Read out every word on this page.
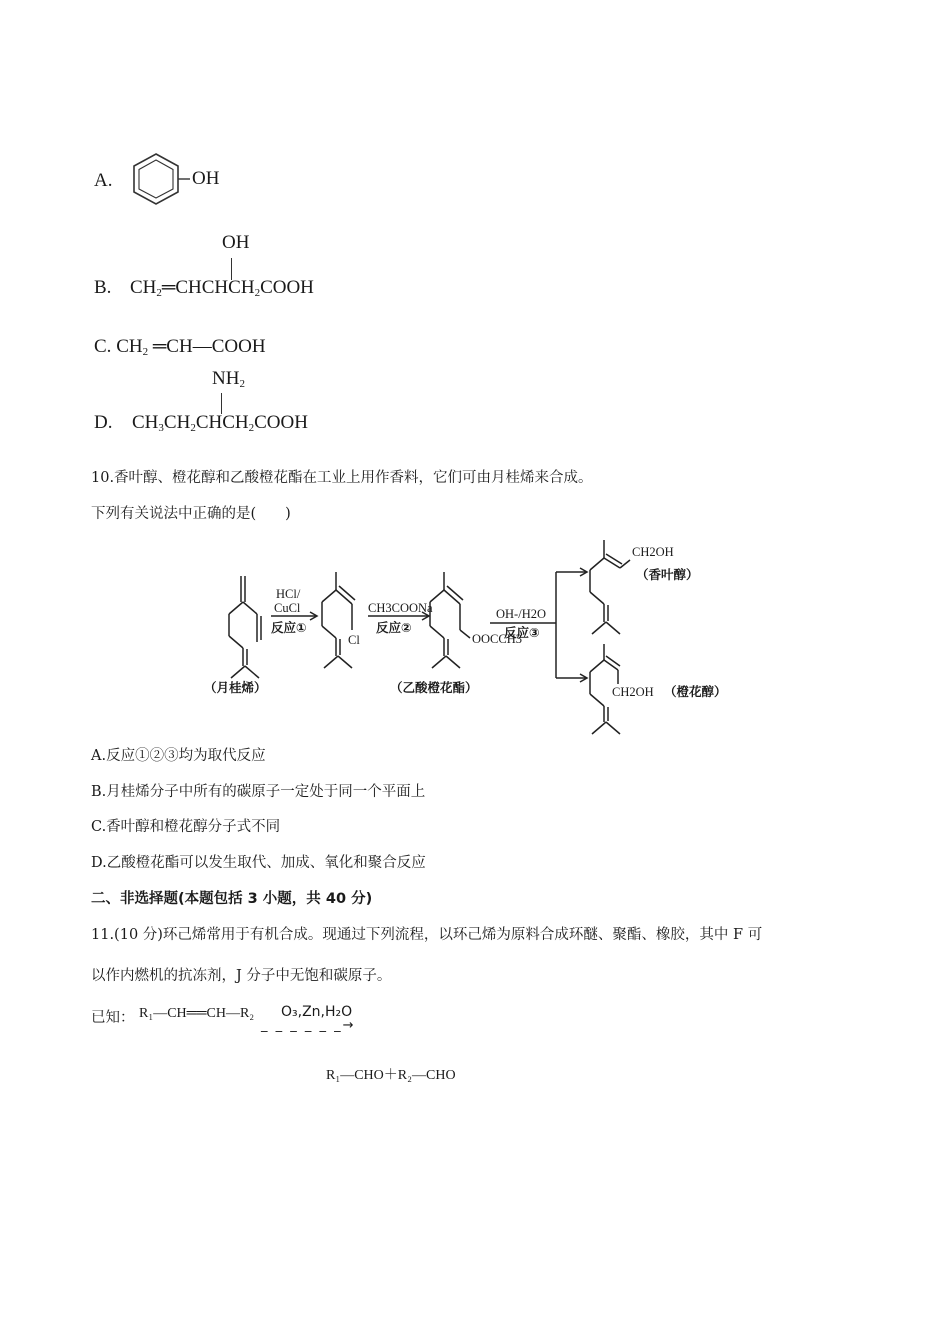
A.	OH
OH
B. $CH_2═CHCHCH_2COOH$
C. $CH_2$ ═CH—COOH
$NH_2$
D. $CH_3CH_2CHCH_2COOH$
10.香叶醇、橙花醇和乙酸橙花酯在工业上用作香料，它们可由月桂烯来合成。
下列有关说法中正确的是(　　)
HCl/
CuCl
反应①
Cl
CH3COONa
反应②
OOCCH3
OH-/H2O
反应③
CH2OH
（香叶醇）
CH2OH （橙花醇）
（月桂烯）	（乙酸橙花酯）
A.反应①②③均为取代反应
B.月桂烯分子中所有的碳原子一定处于同一个平面上
C.香叶醇和橙花醇分子式不同
D.乙酸橙花酯可以发生取代、加成、氧化和聚合反应
二、非选择题(本题包括 3 小题，共 40 分)
11.(10 分)环己烯常用于有机合成。现通过下列流程，以环己烯为原料合成环醚、聚酯、橡胶，其中 F 可
以作内燃机的抗冻剂，J 分子中无饱和碳原子。
已知： R₁—CH══CH—R₂ O₃,Zn,H₂O
_ _ _ _ _ _→
R₁—CHO＋R₂—CHO
